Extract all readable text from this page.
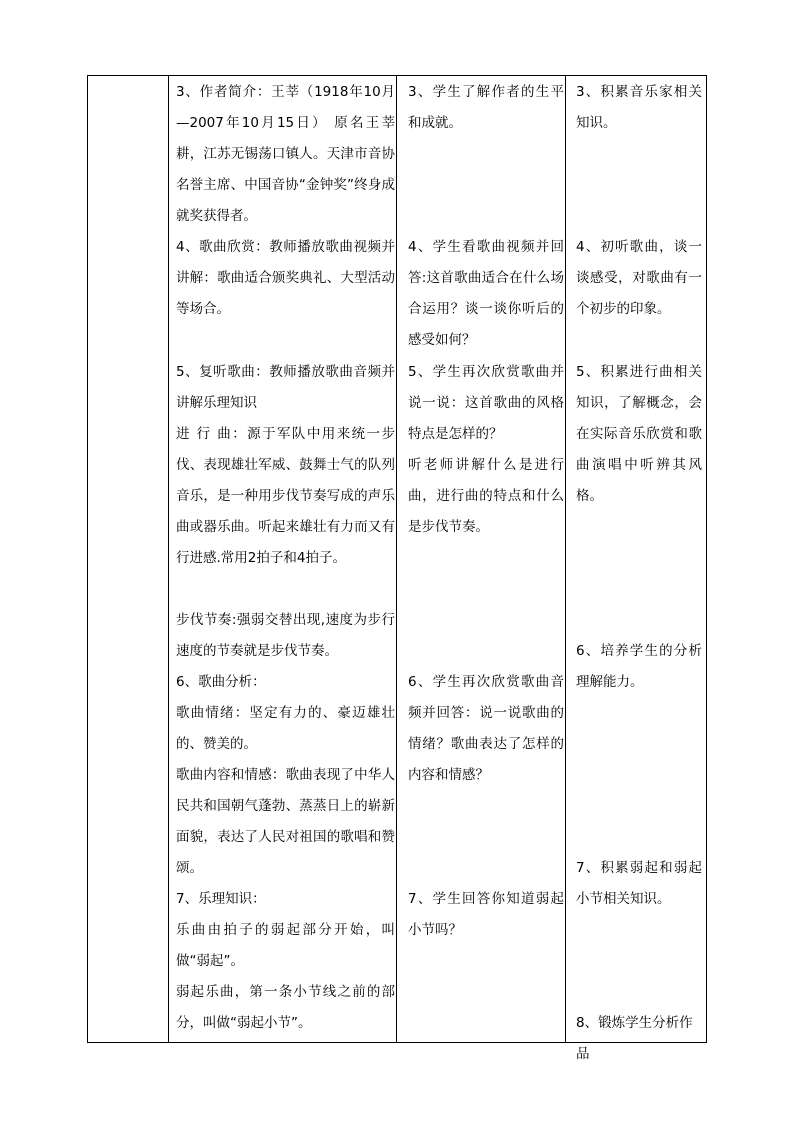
3、作者简介：王莘（1918年10月—2007年10月15日） 原名王莘耕，江苏无锡荡口镇人。天津市音协名誉主席、中国音协“金钟奖”终身成就奖获得者。

4、歌曲欣赏：教师播放歌曲视频并讲解：歌曲适合颁奖典礼、大型活动等场合。

5、复听歌曲：教师播放歌曲音频并讲解乐理知识

进 行 曲：源于军队中用来统一步伐、表现雄壮军威、鼓舞士气的队列音乐，是一种用步伐节奏写成的声乐曲或器乐曲。听起来雄壮有力而又有行进感.常用2拍子和4拍子。

步伐节奏:强弱交替出现,速度为步行速度的节奏就是步伐节奏。

6、歌曲分析：

歌曲情绪：坚定有力的、豪迈雄壮的、赞美的。

歌曲内容和情感：歌曲表现了中华人民共和国朝气蓬勃、蒸蒸日上的崭新面貌，表达了人民对祖国的歌唱和赞颂。

7、乐理知识：

乐曲由拍子的弱起部分开始，叫做“弱起”。

弱起乐曲，第一条小节线之前的部分，叫做“弱起小节”。

3、学生了解作者的生平和成就。

4、学生看歌曲视频并回答:这首歌曲适合在什么场合运用？谈一谈你听后的感受如何？

5、学生再次欣赏歌曲并说一说：这首歌曲的风格特点是怎样的？

听老师讲解什么是进行曲，进行曲的特点和什么是步伐节奏。

6、学生再次欣赏歌曲音频并回答：说一说歌曲的情绪？歌曲表达了怎样的内容和情感？

7、学生回答你知道弱起小节吗？

3、积累音乐家相关知识。

4、初听歌曲，谈一谈感受，对歌曲有一个初步的印象。

5、积累进行曲相关知识，了解概念，会在实际音乐欣赏和歌曲演唱中听辨其风格。

6、培养学生的分析理解能力。

7、积累弱起和弱起小节相关知识。

8、锻炼学生分析作品
